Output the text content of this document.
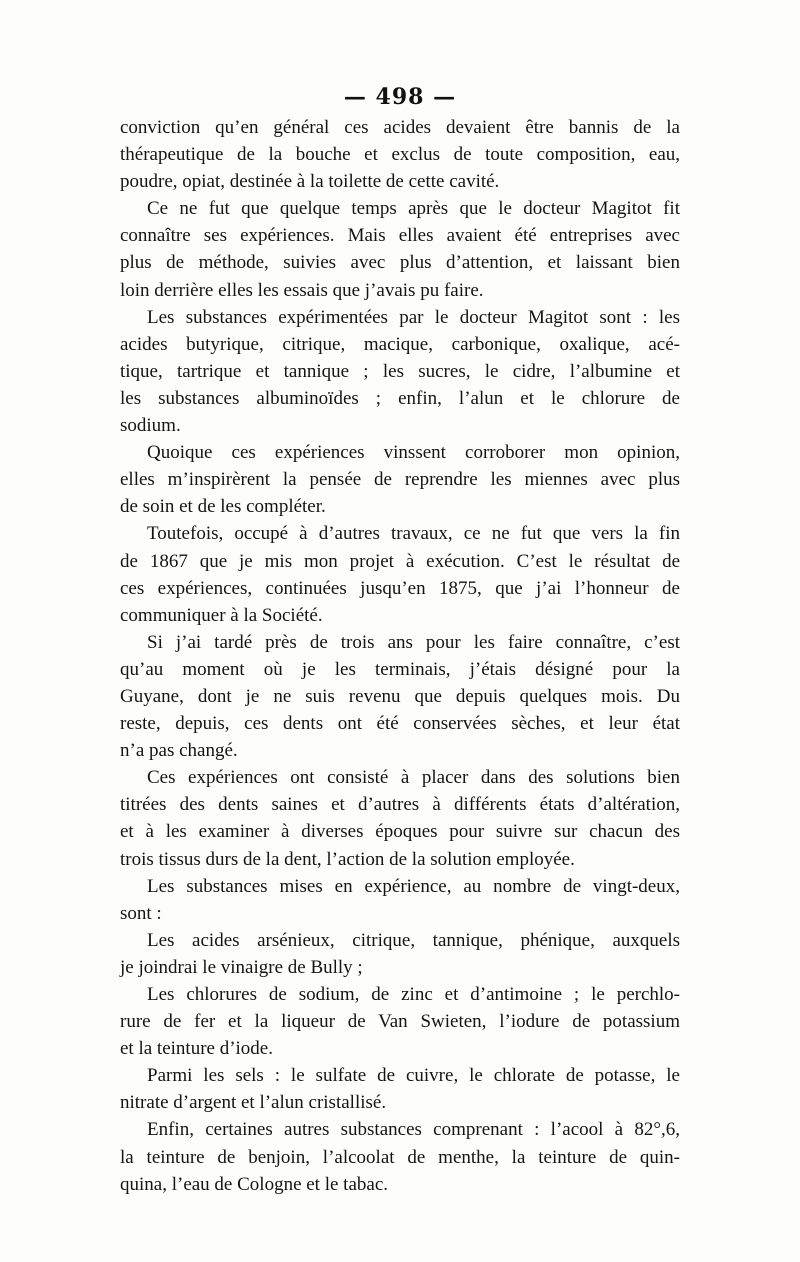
— 498 —

conviction qu’en général ces acides devaient être bannis de la
thérapeutique de la bouche et exclus de toute composition, eau,
poudre, opiat, destinée à la toilette de cette cavité.

Ce ne fut que quelque temps après que le docteur Magitot fit
connaître ses expériences. Mais elles avaient été entreprises avec
plus de méthode, suivies avec plus d’attention, et laissant bien
loin derrière elles les essais que j’avais pu faire.

Les substances expérimentées par le docteur Magitot sont : les
acides butyrique, citrique, macique, carbonique, oxalique, acé-
tique, tartrique et tannique ; les sucres, le cidre, l’albumine et
les substances albuminoïdes ; enfin, l’alun et le chlorure de
sodium.

Quoique ces expériences vinssent corroborer mon opinion,
elles m’inspirèrent la pensée de reprendre les miennes avec plus
de soin et de les compléter.

Toutefois, occupé à d’autres travaux, ce ne fut que vers la fin
de 1867 que je mis mon projet à exécution. C’est le résultat de
ces expériences, continuées jusqu’en 1875, que j’ai l’honneur de
communiquer à la Société.

Si j’ai tardé près de trois ans pour les faire connaître, c’est
qu’au moment où je les terminais, j’étais désigné pour la
Guyane, dont je ne suis revenu que depuis quelques mois. Du
reste, depuis, ces dents ont été conservées sèches, et leur état
n’a pas changé.

Ces expériences ont consisté à placer dans des solutions bien
titrées des dents saines et d’autres à différents états d’altération,
et à les examiner à diverses époques pour suivre sur chacun des
trois tissus durs de la dent, l’action de la solution employée.

Les substances mises en expérience, au nombre de vingt-deux,
sont :

Les acides arsénieux, citrique, tannique, phénique, auxquels
je joindrai le vinaigre de Bully ;

Les chlorures de sodium, de zinc et d’antimoine ; le perchlo-
rure de fer et la liqueur de Van Swieten, l’iodure de potassium
et la teinture d’iode.

Parmi les sels : le sulfate de cuivre, le chlorate de potasse, le
nitrate d’argent et l’alun cristallisé.

Enfin, certaines autres substances comprenant : l’acool à 82°,6,
la teinture de benjoin, l’alcoolat de menthe, la teinture de quin-
quina, l’eau de Cologne et le tabac.
